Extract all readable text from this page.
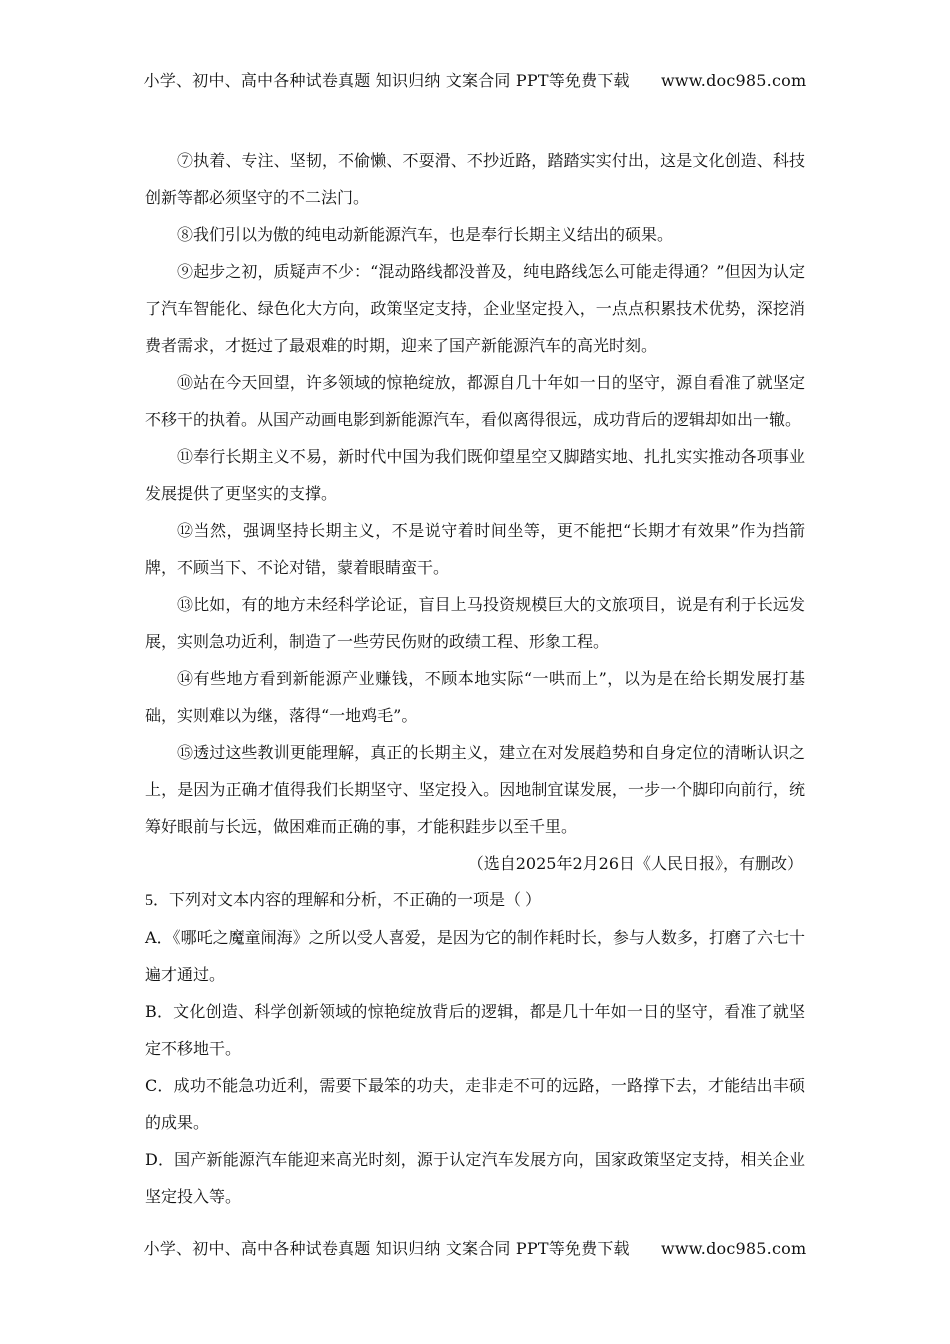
小学、初中、高中各种试卷真题 知识归纳 文案合同 PPT等免费下载 www.doc985.com

⑦执着、专注、坚韧，不偷懒、不耍滑、不抄近路，踏踏实实付出，这是文化创造、科技创新等都必须坚守的不二法门。

⑧我们引以为傲的纯电动新能源汽车，也是奉行长期主义结出的硕果。

⑨起步之初，质疑声不少：“混动路线都没普及，纯电路线怎么可能走得通？”但因为认定了汽车智能化、绿色化大方向，政策坚定支持，企业坚定投入，一点点积累技术优势，深挖消费者需求，才挺过了最艰难的时期，迎来了国产新能源汽车的高光时刻。

⑩站在今天回望，许多领域的惊艳绽放，都源自几十年如一日的坚守，源自看准了就坚定不移干的执着。从国产动画电影到新能源汽车，看似离得很远，成功背后的逻辑却如出一辙。

⑪奉行长期主义不易，新时代中国为我们既仰望星空又脚踏实地、扎扎实实推动各项事业发展提供了更坚实的支撑。

⑫当然，强调坚持长期主义，不是说守着时间坐等，更不能把“长期才有效果”作为挡箭牌，不顾当下、不论对错，蒙着眼睛蛮干。

⑬比如，有的地方未经科学论证，盲目上马投资规模巨大的文旅项目，说是有利于长远发展，实则急功近利，制造了一些劳民伤财的政绩工程、形象工程。

⑭有些地方看到新能源产业赚钱，不顾本地实际“一哄而上”，以为是在给长期发展打基础，实则难以为继，落得“一地鸡毛”。

⑮透过这些教训更能理解，真正的长期主义，建立在对发展趋势和自身定位的清晰认识之上，是因为正确才值得我们长期坚守、坚定投入。因地制宜谋发展，一步一个脚印向前行，统筹好眼前与长远，做困难而正确的事，才能积跬步以至千里。

（选自2025年2月26日《人民日报》，有删改）

5．下列对文本内容的理解和分析，不正确的一项是（ ）

A．《哪吒之魔童闹海》之所以受人喜爱，是因为它的制作耗时长，参与人数多，打磨了六七十遍才通过。

B．文化创造、科学创新领域的惊艳绽放背后的逻辑，都是几十年如一日的坚守，看准了就坚定不移地干。

C．成功不能急功近利，需要下最笨的功夫，走非走不可的远路，一路撑下去，才能结出丰硕的成果。

D．国产新能源汽车能迎来高光时刻，源于认定汽车发展方向，国家政策坚定支持，相关企业坚定投入等。

小学、初中、高中各种试卷真题 知识归纳 文案合同 PPT等免费下载 www.doc985.com
